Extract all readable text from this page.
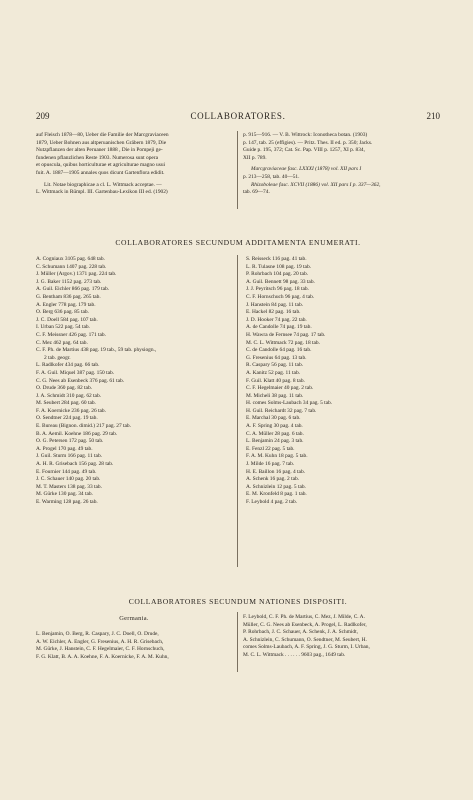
209	COLLABORATORES.	210
auf Fleisch 1878—80, Ueber die Familie der Marcgraviaceen
1879, Ueber Bohnen aus altperuanischen Gräbern 1879, Die
Nutzpflanzen der alten Peruaner 1888 , Die in Pompeji ge-
fundenen pflanzlichen Reste 1903. Numerosa sunt opera
et opuscula, quibus horticulturae et agriculturae magno usui
fuit. A. 1887—1905 annales quos dicunt Gartenflora edidit.
Lit. Notae biographicae a cl. L. Wittmack acceptae. —
L. Wittmack in Rümpl. III. Gartenbau-Lexikon III ed. (1902)
p. 915—916. — V. B. Wittrock: Iconotheca botan. (1903)
p. 147, tab. 25 (effigies). — Pritz. Thes. II ed. p. 350; Jacks.
Guide p. 195, 372; Cat. Sc. Pap. VIII p. 1257, XI p. 834,
XII p. 789.
Marcgraviaceae fasc. LXXXI (1878) vol. XII pars I
p. 213—258, tab. 40—51.
Rhizoboleae fasc. XCVII (1886) vol. XII pars I p. 337—362,
tab. 69—74.
COLLABORATORES SECUNDUM ADDITAMENTA ENUMERATI.
A. Cogniaux 3105 pag. 648 tab.
C. Schumann 1407 pag. 228 tab.
J. Müller (Argov.) 1371 pag. 224 tab.
J. G. Baker 1152 pag. 273 tab.
A. Guil. Eichler 866 pag. 179 tab.
G. Bentham 836 pag. 265 tab.
A. Engler 778 pag. 179 tab.
O. Berg 636 pag. 85 tab.
J. C. Doell 584 pag. 107 tab.
I. Urban 522 pag. 54 tab.
C. F. Meissner 426 pag. 171 tab.
C. Mez 462 pag. 64 tab.
C. F. Ph. de Martius 438 pag. 19 tab., 59 tab. physiogn.,
2 tab. geogr.
L. Radlkofer 434 pag. 66 tab.
F. A. Guil. Miquel 387 pag. 150 tab.
C. G. Nees ab Esenbeck 376 pag. 61 tab.
O. Drude 360 pag. 82 tab.
J. A. Schmidt 310 pag. 62 tab.
M. Seubert 284 pag. 60 tab.
F. A. Koernicke 236 pag. 26 tab.
O. Sendtner 224 pag. 19 tab.
E. Bureau (Bignon. dimid.) 217 pag. 27 tab.
B. A. Aemil. Koehne 186 pag. 29 tab.
O. G. Petersen 172 pag. 50 tab.
A. Progel 170 pag. 49 tab.
J. Guil. Sturm 166 pag. 11 tab.
A. H. R. Grisebach 156 pag. 28 tab.
E. Fournier 144 pag. 49 tab.
J. C. Schauer 140 pag. 20 tab.
M. T. Masters 138 pag. 33 tab.
M. Gürke 130 pag. 34 tab.
E. Warming 128 pag. 26 tab.
S. Reisseck 116 pag. 41 tab.
L. R. Tulasne 108 pag. 19 tab.
P. Rohrbach 104 pag. 20 tab.
A. Guil. Bennett 98 pag. 33 tab.
J. J. Peyritsch 96 pag. 18 tab.
C. F. Hornschuch 96 pag. 4 tab.
J. Hanstein 84 pag. 11 tab.
E. Hackel 82 pag. 16 tab.
J. D. Hooker 74 pag. 22 tab.
A. de Candolle 74 pag. 19 tab.
H. Wawra de Fernsee 74 pag. 17 tab.
M. C. L. Wittmack 72 pag. 18 tab.
C. de Candolle 64 pag. 16 tab.
G. Fresenius 64 pag. 13 tab.
R. Caspary 56 pag. 11 tab.
A. Kanitz 52 pag. 11 tab.
F. Guil. Klatt 40 pag. 8 tab.
C. F. Hegelmaier 40 pag. 2 tab.
M. Micheli 38 pag. 11 tab.
H. comes Solms-Laubach 34 pag. 5 tab.
H. Guil. Reichardt 32 pag. 7 tab.
E. Marchal 30 pag. 6 tab.
A. F. Spring 30 pag. 4 tab.
C. A. Müller 28 pag. 6 tab.
L. Benjamin 24 pag. 3 tab.
E. Fenzl 22 pag. 5 tab.
F. A. M. Kuhn 18 pag. 5 tab.
J. Milde 16 pag. 7 tab.
H. E. Baillon 16 pag. 4 tab.
A. Schenk 16 pag. 2 tab.
A. Schnizlein 12 pag. 5 tab.
E. M. Kronfeld 8 pag. 1 tab.
F. Leybold 4 pag. 2 tab.
COLLABORATORES SECUNDUM NATIONES DISPOSITI.
Germania.
L. Benjamin, O. Berg, R. Caspary, J. C. Doell, O. Drude,
A. W. Eichler, A. Engler, G. Fresenius, A. H. R. Grisebach,
M. Gürke, J. Hanstein, C. F. Hegelmaier, C. F. Hornschuch,
F. G. Klatt, B. A. A. Koehne, F. A. Koernicke, F. A. M. Kuhn,
F. Leybold, C. F. Ph. de Martius, C. Mez, J. Milde, C. A.
Müller, C. G. Nees ab Esenbeck, A. Progel, L. Radlkofer,
P. Rohrbach, J. C. Schauer, A. Schenk, J. A. Schmidt,
A. Schnizlein, C. Schumann, O. Sendtner, M. Seubert, H.
comes Solms-Laubach, A. F. Spring, J. G. Sturm, I. Urban,
M. C. L. Wittmack . . . . . . 9603 pag., 1649 tab.
